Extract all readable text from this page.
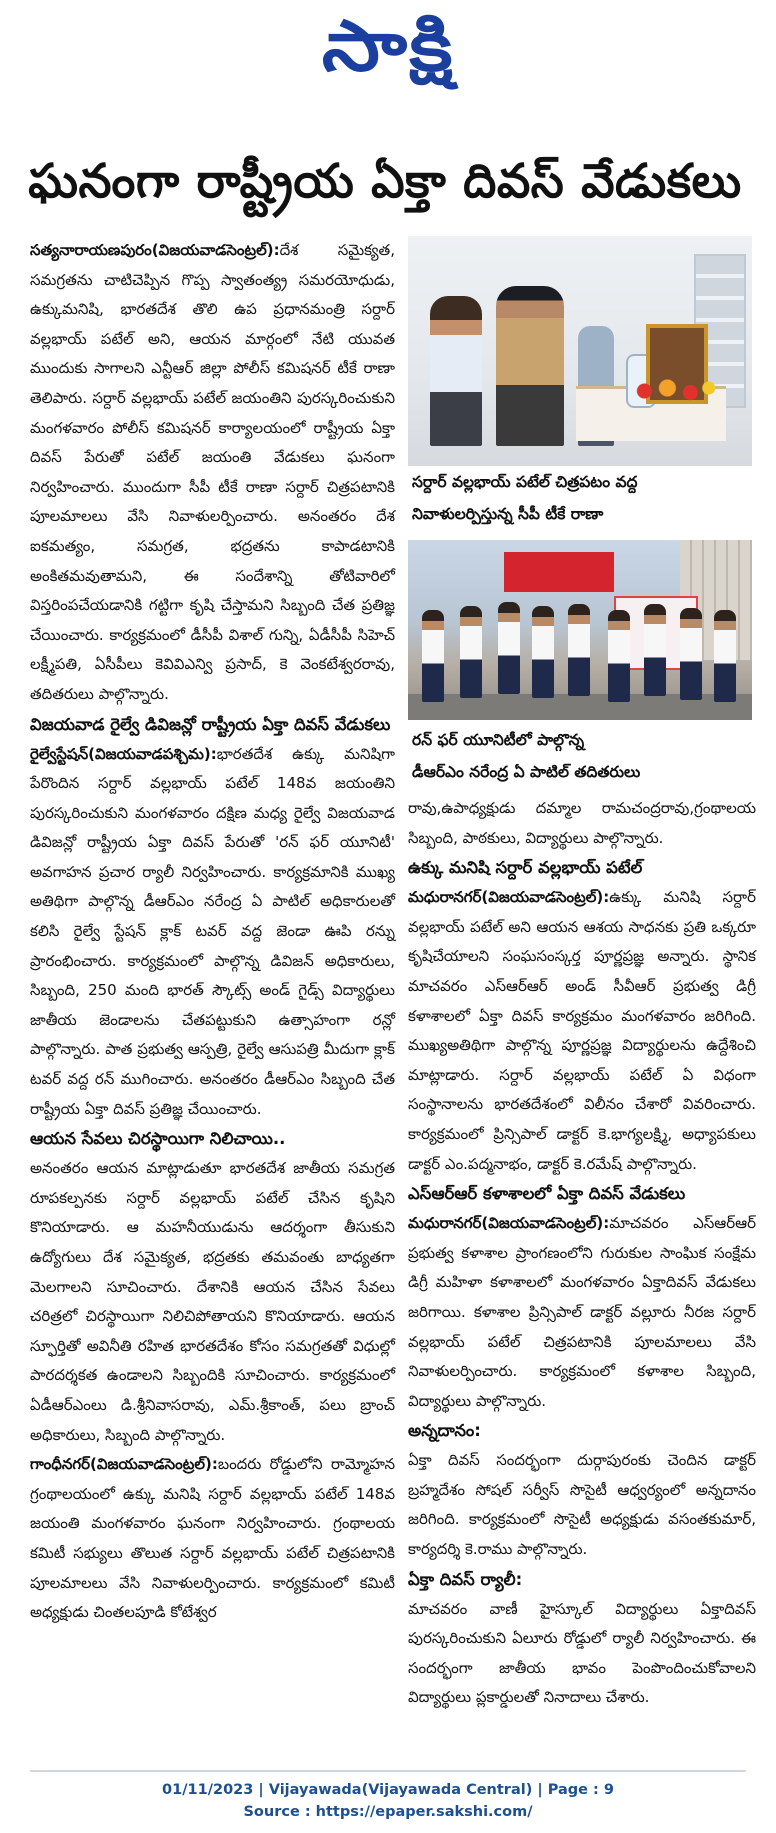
సాక్షి
ఘనంగా రాష్ట్రీయ ఏక్తా దివస్ వేడుకలు

సత్యనారాయణపురం(విజయవాడసెంట్రల్):దేశ సమైక్యత, సమగ్రతను చాటిచెప్పిన గొప్ప స్వాతంత్య్ర సమరయోధుడు, ఉక్కుమనిషి, భారతదేశ తొలి ఉప ప్రధానమంత్రి సర్దార్ వల్లభాయ్ పటేల్ అని, ఆయన మార్గంలో నేటి యువత ముందుకు సాగాలని ఎన్టీఆర్ జిల్లా పోలీస్ కమిషనర్ టీకే రాణా తెలిపారు. సర్దార్ వల్లభాయ్ పటేల్ జయంతిని పురస్కరించుకుని మంగళవారం పోలీస్ కమిషనర్ కార్యాలయంలో రాష్ట్రీయ ఏక్తా దివస్ పేరుతో పటేల్ జయంతి వేడుకలు ఘనంగా నిర్వహించారు. ముందుగా సీపీ టీకే రాణా సర్దార్ చిత్రపటానికి పూలమాలలు వేసి నివాళులర్పించారు. అనంతరం దేశ ఐకమత్యం, సమగ్రత, భద్రతను కాపాడటానికి అంకితమవుతామని, ఈ సందేశాన్ని తోటివారిలో విస్తరింపచేయడానికి గట్టిగా కృషి చేస్తామని సిబ్బంది చేత ప్రతిజ్ఞ చేయించారు. కార్యక్రమంలో డీసీపీ విశాల్ గున్ని, ఏడీసీపీ సిహెచ్ లక్ష్మీపతి, ఏసీపీలు కెవివిఎన్వి ప్రసాద్, కె వెంకటేశ్వరరావు, తదితరులు పాల్గొన్నారు.

విజయవాడ రైల్వే డివిజన్లో రాష్ట్రీయ ఏక్తా దివస్ వేడుకలు

రైల్వేస్టేషన్(విజయవాడపశ్చిమ):భారతదేశ ఉక్కు మనిషిగా పేరొందిన సర్దార్ వల్లభాయ్ పటేల్ 148వ జయంతిని పురస్కరించుకుని మంగళవారం దక్షిణ మధ్య రైల్వే విజయవాడ డివిజన్లో రాష్ట్రీయ ఏక్తా దివస్ పేరుతో 'రన్ ఫర్ యూనిటీ' అవగాహన ప్రచార ర్యాలీ నిర్వహించారు. కార్యక్రమానికి ముఖ్య అతిథిగా పాల్గొన్న డీఆర్ఎం నరేంద్ర ఏ పాటిల్ అధికారులతో కలిసి రైల్వే స్టేషన్ క్లాక్ టవర్ వద్ద జెండా ఊపి రన్ను ప్రారంభించారు. కార్యక్రమంలో పాల్గొన్న డివిజన్ అధికారులు, సిబ్బంది, 250 మంది భారత్ స్కౌట్స్ అండ్ గైడ్స్ విద్యార్థులు జాతీయ జెండాలను చేతపట్టుకుని ఉత్సాహంగా రన్లో పాల్గొన్నారు. పాత ప్రభుత్వ ఆస్పత్రి, రైల్వే ఆసుపత్రి మీదుగా క్లాక్ టవర్ వద్ద రన్ ముగించారు. అనంతరం డీఆర్ఎం సిబ్బంది చేత రాష్ట్రీయ ఏక్తా దివస్ ప్రతిజ్ఞ చేయించారు.

ఆయన సేవలు చిరస్థాయిగా నిలిచాయి..

అనంతరం ఆయన మాట్లాడుతూ భారతదేశ జాతీయ సమగ్రత రూపకల్పనకు సర్దార్ వల్లభాయ్ పటేల్ చేసిన కృషిని కొనియాడారు. ఆ మహనీయుడును ఆదర్శంగా తీసుకుని ఉద్యోగులు దేశ సమైక్యత, భద్రతకు తమవంతు బాధ్యతగా మెలగాలని సూచించారు. దేశానికి ఆయన చేసిన సేవలు చరిత్రలో చిరస్థాయిగా నిలిచిపోతాయని కొనియాడారు. ఆయన స్ఫూర్తితో అవినీతి రహిత భారతదేశం కోసం సమగ్రతతో విధుల్లో పారదర్శకత ఉండాలని సిబ్బందికి సూచించారు. కార్యక్రమంలో ఏడీఆర్ఎంలు డి.శ్రీనివాసరావు, ఎమ్.శ్రీకాంత్, పలు బ్రాంచ్ అధికారులు, సిబ్బంది పాల్గొన్నారు.

గాంధీనగర్(విజయవాడసెంట్రల్):బందరు రోడ్డులోని రామ్మోహన గ్రంథాలయంలో ఉక్కు మనిషి సర్దార్ వల్లభాయ్ పటేల్ 148వ జయంతి మంగళవారం ఘనంగా నిర్వహించారు. గ్రంథాలయ కమిటీ సభ్యులు తొలుత సర్దార్ వల్లభాయ్ పటేల్ చిత్రపటానికి పూలమాలలు వేసి నివాళులర్పించారు. కార్యక్రమంలో కమిటీ అధ్యక్షుడు చింతలపూడి కోటేశ్వర

సర్దార్ వల్లభాయ్ పటేల్ చిత్రపటం వద్ద

నివాళులర్పిస్తున్న సీపీ టీకే రాణా

రన్ ఫర్ యూనిటీలో పాల్గొన్న

డీఆర్ఎం నరేంద్ర ఏ పాటిల్ తదితరులు

రావు,ఉపాధ్యక్షుడు దమ్మాల రామచంద్రరావు,గ్రంథాలయ సిబ్బంది, పాఠకులు, విద్యార్థులు పాల్గొన్నారు.

ఉక్కు మనిషి సర్దార్ వల్లభాయ్ పటేల్

మధురానగర్(విజయవాడసెంట్రల్):ఉక్కు మనిషి సర్దార్ వల్లభాయ్ పటేల్ అని ఆయన ఆశయ సాధనకు ప్రతి ఒక్కరూ కృషిచేయాలని సంఘసంస్కర్త పూర్ణప్రజ్ఞ అన్నారు. స్థానిక మాచవరం ఎస్ఆర్ఆర్ అండ్ సీవీఆర్ ప్రభుత్వ డిగ్రీ కళాశాలలో ఏక్తా దివస్ కార్యక్రమం మంగళవారం జరిగింది. ముఖ్యఅతిథిగా పాల్గొన్న పూర్ణప్రజ్ఞ విద్యార్థులను ఉద్దేశించి మాట్లాడారు. సర్దార్ వల్లభాయ్ పటేల్ ఏ విధంగా సంస్థానాలను భారతదేశంలో విలీనం చేశారో వివరించారు. కార్యక్రమంలో ప్రిన్సిపాల్ డాక్టర్ కె.భాగ్యలక్ష్మి, అధ్యాపకులు డాక్టర్ ఎం.పద్మనాభం, డాక్టర్ కె.రమేష్ పాల్గొన్నారు.

ఎస్ఆర్ఆర్ కళాశాలలో ఏక్తా దివస్ వేడుకలు

మధురానగర్(విజయవాడసెంట్రల్):మాచవరం ఎస్ఆర్ఆర్ ప్రభుత్వ కళాశాల ప్రాంగణంలోని గురుకుల సాంఘిక సంక్షేమ డిగ్రీ మహిళా కళాశాలలో మంగళవారం ఏక్తాదివస్ వేడుకలు జరిగాయి. కళాశాల ప్రిన్సిపాల్ డాక్టర్ వల్లూరు నీరజ సర్దార్ వల్లభాయ్ పటేల్ చిత్రపటానికి పూలమాలలు వేసి నివాళులర్పించారు. కార్యక్రమంలో కళాశాల సిబ్బంది, విద్యార్థులు పాల్గొన్నారు.

అన్నదానం:

ఏక్తా దివస్ సందర్భంగా దుర్గాపురంకు చెందిన డాక్టర్ బ్రహ్మదేశం సోషల్ సర్వీస్ సొసైటీ ఆధ్వర్యంలో అన్నదానం జరిగింది. కార్యక్రమంలో సొసైటీ అధ్యక్షుడు వసంతకుమార్, కార్యదర్శి కె.రాము పాల్గొన్నారు.

ఏక్తా దివస్ ర్యాలీ:

మాచవరం వాణీ హైస్కూల్ విద్యార్థులు ఏక్తాదివస్ పురస్కరించుకుని ఏలూరు రోడ్డులో ర్యాలీ నిర్వహించారు. ఈ సందర్భంగా జాతీయ భావం పెంపొందించుకోవాలని విద్యార్థులు ప్లకార్డులతో నినాదాలు చేశారు.

01/11/2023 | Vijayawada(Vijayawada Central) | Page : 9
Source : https://epaper.sakshi.com/
